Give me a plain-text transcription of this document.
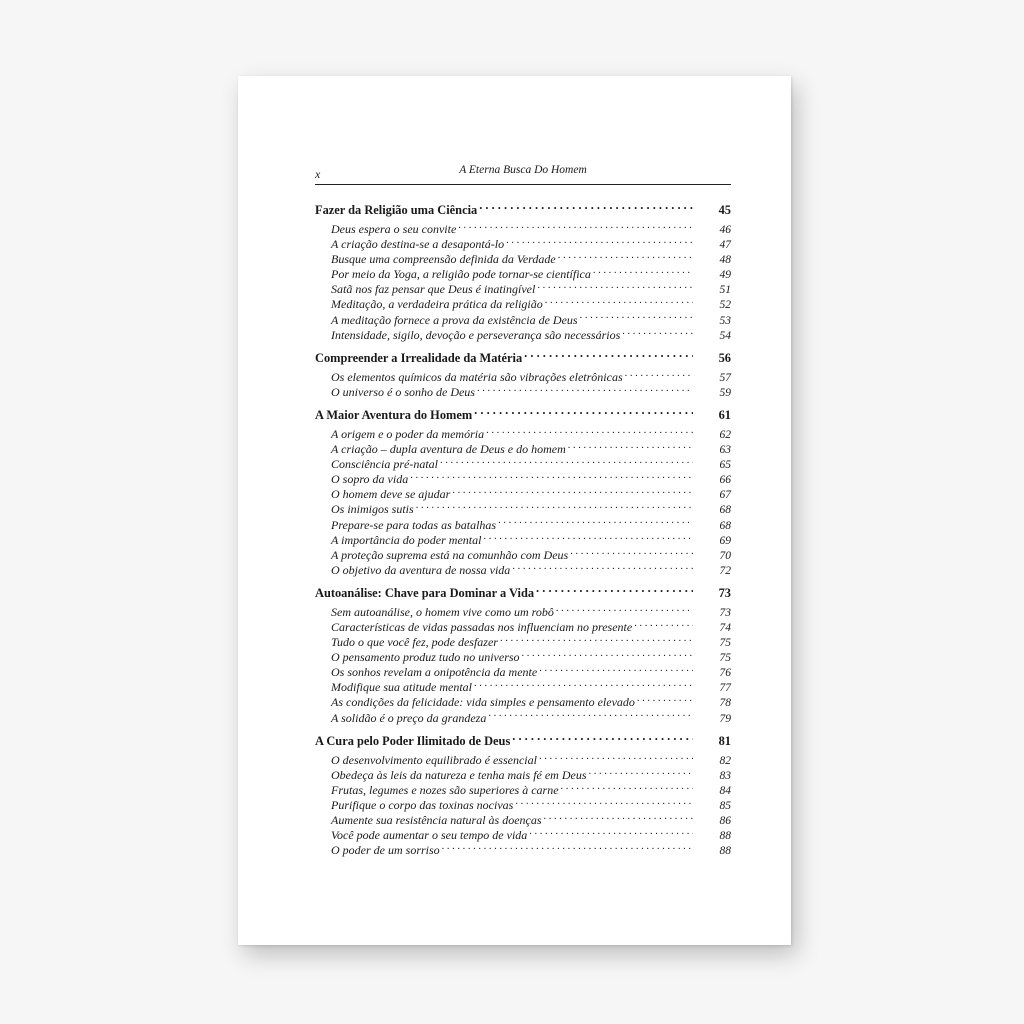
x	A Eterna Busca Do Homem
Fazer da Religião uma Ciência . . .	45
Deus espera o seu convite . . .	46
A criação destina-se a desapontá-lo . . .	47
Busque uma compreensão definida da Verdade . . .	48
Por meio da Yoga, a religião pode tornar-se científica . . .	49
Satã nos faz pensar que Deus é inatingível . . .	51
Meditação, a verdadeira prática da religião . . .	52
A meditação fornece a prova da existência de Deus . . .	53
Intensidade, sigilo, devoção e perseverança são necessários . . .	54
Compreender a Irrealidade da Matéria . . .	56
Os elementos químicos da matéria são vibrações eletrônicas . . .	57
O universo é o sonho de Deus . . .	59
A Maior Aventura do Homem . . .	61
A origem e o poder da memória . . .	62
A criação – dupla aventura de Deus e do homem . . .	63
Consciência pré-natal . . .	65
O sopro da vida . . .	66
O homem deve se ajudar . . .	67
Os inimigos sutis . . .	68
Prepare-se para todas as batalhas . . .	68
A importância do poder mental . . .	69
A proteção suprema está na comunhão com Deus . . .	70
O objetivo da aventura de nossa vida . . .	72
Autoanálise: Chave para Dominar a Vida . . .	73
Sem autoanálise, o homem vive como um robô . . .	73
Características de vidas passadas nos influenciam no presente . . .	74
Tudo o que você fez, pode desfazer . . .	75
O pensamento produz tudo no universo . . .	75
Os sonhos revelam a onipotência da mente . . .	76
Modifique sua atitude mental . . .	77
As condições da felicidade: vida simples e pensamento elevado . . .	78
A solidão é o preço da grandeza . . .	79
A Cura pelo Poder Ilimitado de Deus . . .	81
O desenvolvimento equilibrado é essencial . . .	82
Obedeça às leis da natureza e tenha mais fé em Deus . . .	83
Frutas, legumes e nozes são superiores à carne . . .	84
Purifique o corpo das toxinas nocivas . . .	85
Aumente sua resistência natural às doenças . . .	86
Você pode aumentar o seu tempo de vida . . .	88
O poder de um sorriso . . .	88
